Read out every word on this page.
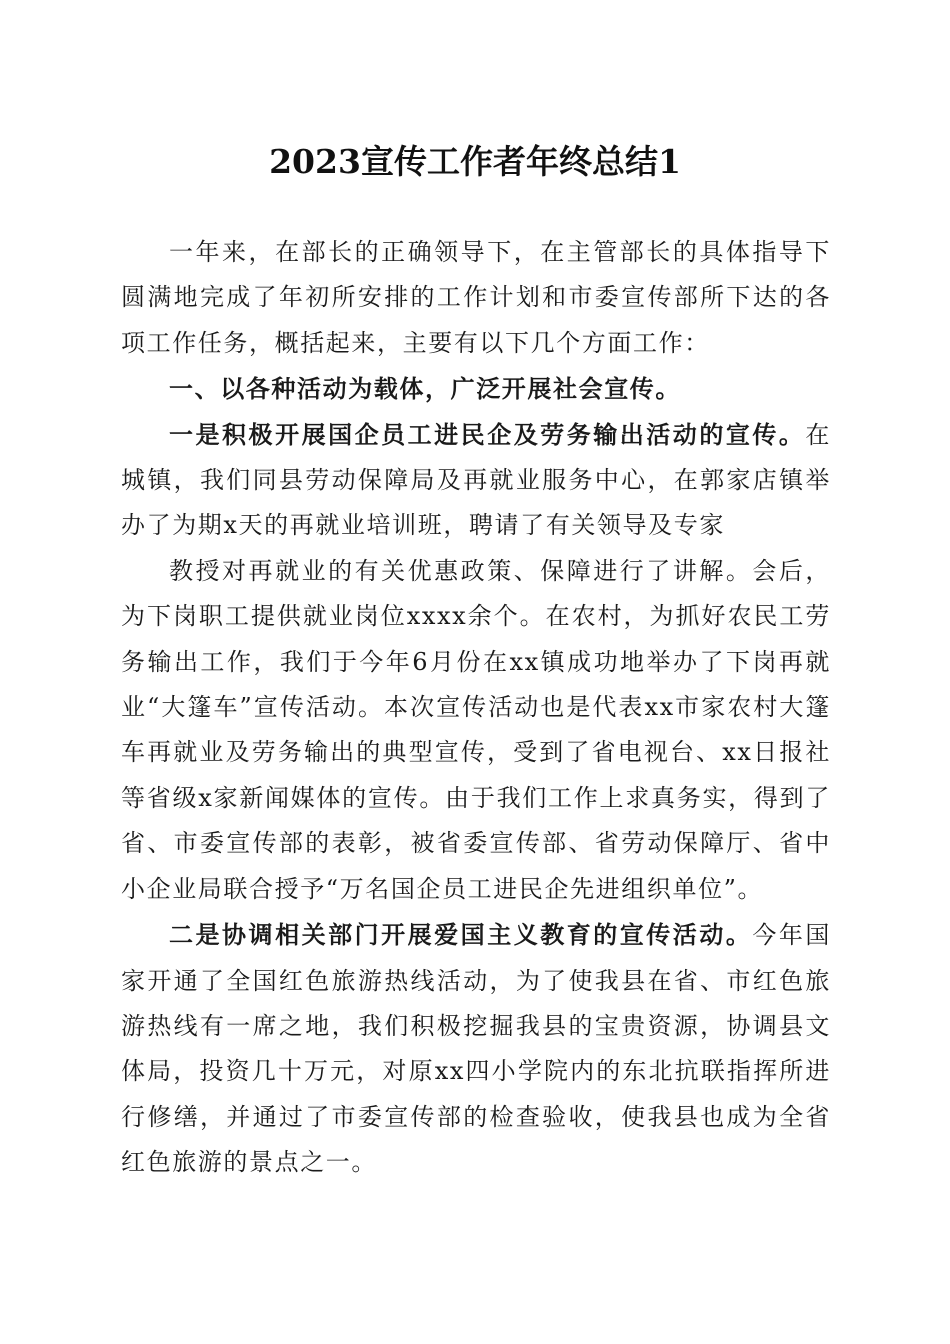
2023宣传工作者年终总结1

一年来，在部长的正确领导下，在主管部长的具体指导下圆满地完成了年初所安排的工作计划和市委宣传部所下达的各项工作任务，概括起来，主要有以下几个方面工作：

一、以各种活动为载体，广泛开展社会宣传。

一是积极开展国企员工进民企及劳务输出活动的宣传。在城镇，我们同县劳动保障局及再就业服务中心，在郭家店镇举办了为期x天的再就业培训班，聘请了有关领导及专家

教授对再就业的有关优惠政策、保障进行了讲解。会后，为下岗职工提供就业岗位xxxx余个。在农村，为抓好农民工劳务输出工作，我们于今年6月份在xx镇成功地举办了下岗再就业“大篷车”宣传活动。本次宣传活动也是代表xx市家农村大篷车再就业及劳务输出的典型宣传，受到了省电视台、xx日报社等省级x家新闻媒体的宣传。由于我们工作上求真务实，得到了省、市委宣传部的表彰，被省委宣传部、省劳动保障厅、省中小企业局联合授予“万名国企员工进民企先进组织单位”。

二是协调相关部门开展爱国主义教育的宣传活动。今年国家开通了全国红色旅游热线活动，为了使我县在省、市红色旅游热线有一席之地，我们积极挖掘我县的宝贵资源，协调县文体局，投资几十万元，对原xx四小学院内的东北抗联指挥所进行修缮，并通过了市委宣传部的检查验收，使我县也成为全省红色旅游的景点之一。
